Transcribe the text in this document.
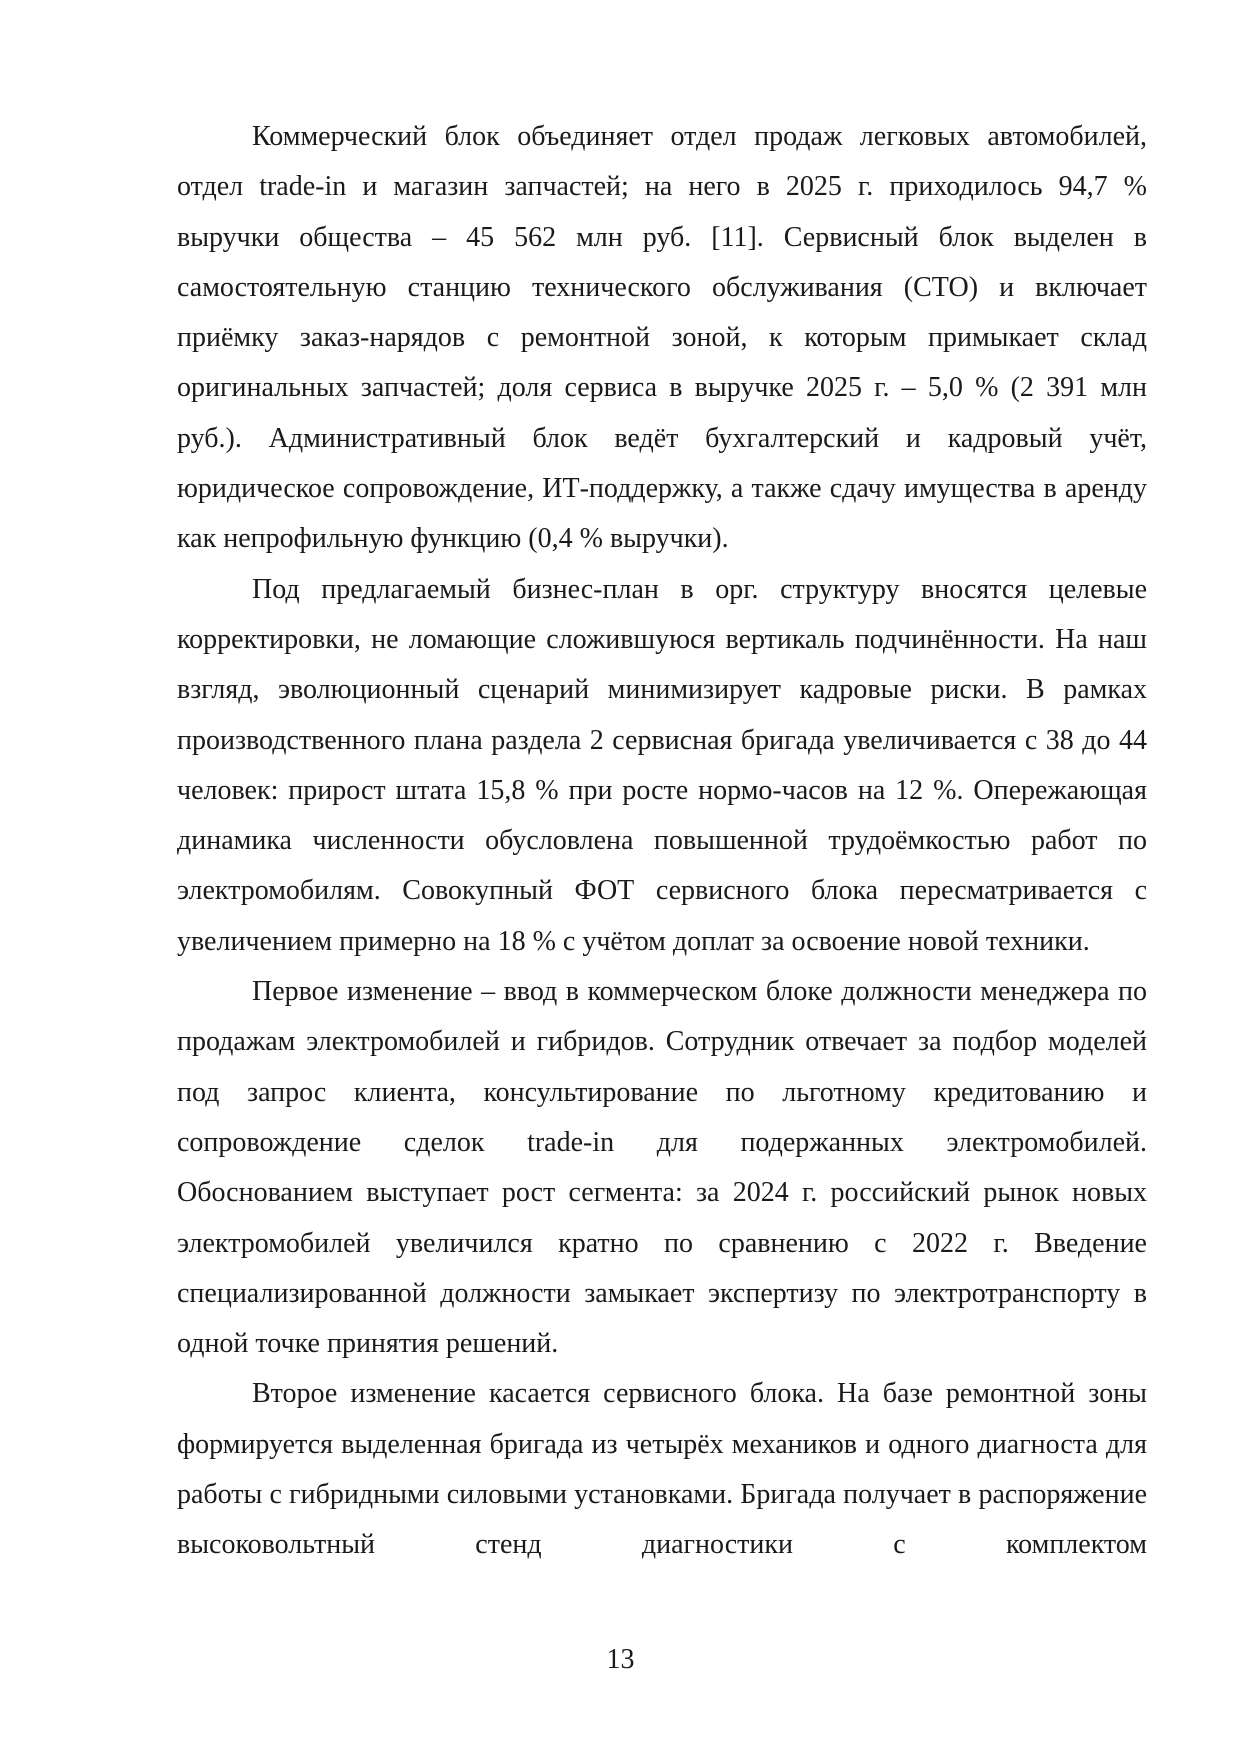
Коммерческий блок объединяет отдел продаж легковых автомобилей, отдел trade-in и магазин запчастей; на него в 2025 г. приходилось 94,7 % выручки общества – 45 562 млн руб. [11]. Сервисный блок выделен в самостоятельную станцию технического обслуживания (СТО) и включает приёмку заказ-нарядов с ремонтной зоной, к которым примыкает склад оригинальных запчастей; доля сервиса в выручке 2025 г. – 5,0 % (2 391 млн руб.). Административный блок ведёт бухгалтерский и кадровый учёт, юридическое сопровождение, ИТ-поддержку, а также сдачу имущества в аренду как непрофильную функцию (0,4 % выручки).

Под предлагаемый бизнес-план в орг. структуру вносятся целевые корректировки, не ломающие сложившуюся вертикаль подчинённости. На наш взгляд, эволюционный сценарий минимизирует кадровые риски. В рамках производственного плана раздела 2 сервисная бригада увеличивается с 38 до 44 человек: прирост штата 15,8 % при росте нормо-часов на 12 %. Опережающая динамика численности обусловлена повышенной трудоёмкостью работ по электромобилям. Совокупный ФОТ сервисного блока пересматривается с увеличением примерно на 18 % с учётом доплат за освоение новой техники.

Первое изменение – ввод в коммерческом блоке должности менеджера по продажам электромобилей и гибридов. Сотрудник отвечает за подбор моделей под запрос клиента, консультирование по льготному кредитованию и сопровождение сделок trade-in для подержанных электромобилей. Обоснованием выступает рост сегмента: за 2024 г. российский рынок новых электромобилей увеличился кратно по сравнению с 2022 г. Введение специализированной должности замыкает экспертизу по электротранспорту в одной точке принятия решений.

Второе изменение касается сервисного блока. На базе ремонтной зоны формируется выделенная бригада из четырёх механиков и одного диагноста для работы с гибридными силовыми установками. Бригада получает в распоряжение высоковольтный стенд диагностики с комплектом

13
